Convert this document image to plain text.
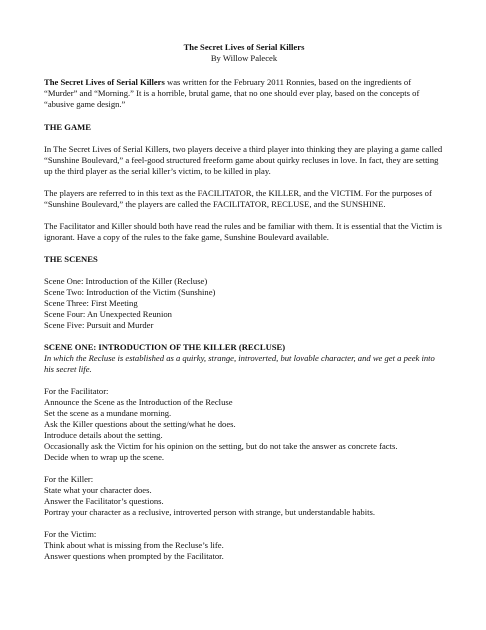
The Secret Lives of Serial Killers
By Willow Palecek

The Secret Lives of Serial Killers was written for the February 2011 Ronnies, based on the ingredients of “Murder” and “Morning.” It is a horrible, brutal game, that no one should ever play, based on the concepts of “abusive game design.”

THE GAME

In The Secret Lives of Serial Killers, two players deceive a third player into thinking they are playing a game called “Sunshine Boulevard,” a feel-good structured freeform game about quirky recluses in love. In fact, they are setting up the third player as the serial killer’s victim, to be killed in play.

The players are referred to in this text as the FACILITATOR, the KILLER, and the VICTIM. For the purposes of “Sunshine Boulevard,” the players are called the FACILITATOR, RECLUSE, and the SUNSHINE.

The Facilitator and Killer should both have read the rules and be familiar with them. It is essential that the Victim is ignorant. Have a copy of the rules to the fake game, Sunshine Boulevard available.

THE SCENES
Scene One: Introduction of the Killer (Recluse)
Scene Two: Introduction of the Victim (Sunshine)
Scene Three: First Meeting
Scene Four: An Unexpected Reunion
Scene Five: Pursuit and Murder
SCENE ONE: INTRODUCTION OF THE KILLER (RECLUSE)

In which the Recluse is established as a quirky, strange, introverted, but lovable character, and we get a peek into his secret life.

For the Facilitator:
Announce the Scene as the Introduction of the Recluse
Set the scene as a mundane morning.
Ask the Killer questions about the setting/what he does.
Introduce details about the setting.
Occasionally ask the Victim for his opinion on the setting, but do not take the answer as concrete facts.
Decide when to wrap up the scene.
For the Killer:
State what your character does.
Answer the Facilitator’s questions.
Portray your character as a reclusive, introverted person with strange, but understandable habits.
For the Victim:
Think about what is missing from the Recluse’s life.
Answer questions when prompted by the Facilitator.
